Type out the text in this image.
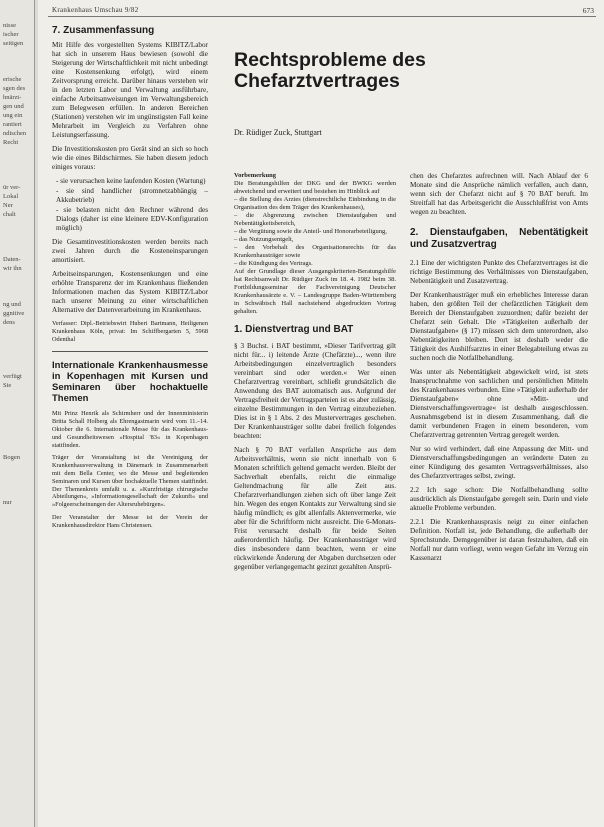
nisse
ischer
seitigen
erische
sgen des
hnärzt-
gen und
ung ein
rantiert
ndischen
Recht
ür ver-
Lokal
Ner
chalt
Daten-
wir ihn
ng und
ggnitive
dens
verfügt
Sie
Bogen
nur
Krankenhaus Umschau 9/82	673
7. Zusammenfassung

Mit Hilfe des vorgestellten Systems KIBITZ/Labor hat sich in unserem Haus bewiesen (sowohl die Steigerung der Wirtschaftlichkeit mit nicht unbedingt eine Kostensenkung erfolgt), wird einem Zeitvorsprung erreicht. Darüber hinaus verstehen wir in den letzten Labor und Verwaltung ausführbare, einfache Arbeitsanweisungen im Verwaltungsbereich zum Belegwesen erfüllen. In anderen Bereichen (Stationen) verstehen wir im ungünstigsten Fall keine Mehrarbeit im Vergleich zu Verfahren ohne Leistungserfassung.

Die Investitionskosten pro Gerät sind an sich so hoch wie die eines Bildschirmes. Sie haben diesem jedoch einiges voraus:

- sie verursachen keine laufenden Kosten (Wartung)
- sie sind handlicher (stromnetzabhängig – Akkubetrieb)
- sie belasten nicht den Rechner während des Dialogs (daher ist eine kleinere EDV-Konfiguration möglich)

Die Gesamtinvestitionskosten werden bereits nach zwei Jahren durch die Kosteneinsparungen amortisiert.

Arbeitseinsparungen, Kostensenkungen und eine erhöhte Transparenz der im Krankenhaus fließenden Informationen machen das System KIBITZ/Labor nach unserer Meinung zu einer wirtschaftlichen Alternative der Datenverarbeitung im Krankenhaus.

Verfasser: Dipl.-Betriebswirt Hubert Bartmann, Heiligenen Krankenhaus Köln, privat: Im Schiffbergarten 5, 5968 Odenthal

Internationale Krankenhausmesse in Kopenhagen mit Kursen und Seminaren über hochaktuelle Themen

Mit Prinz Henrik als Schirmherr und der Innenministerin Britta Schall Holberg als Ehrengastmarin wird vom 11.–14. Oktober die 6. Internationale Messe für das Krankenhaus- und Gesundheitswesen »Hospital '83« in Kopenhagen stattfinden.

Träger der Veranstaltung ist die Vereinigung der Krankenhausverwaltung in Dänemark in Zusammenarbeit mit dem Bella Center, wo die Messe und begleitenden Seminaren und Kursen über hochaktuelle Themen stattfindet. Der Themenkreis umfaßt u. a. »Kurzfristige chirurgische Abteilungen«, »Informationsgesellschaft der Zukunft« und »Folgeerscheinungen der Altersruhebürgen«.

Der Veranstalter der Messe ist der Verein der Krankenhausdirektor Hans Christensen.

Rechtsprobleme des Chefarztvertrages
Dr. Rüdiger Zuck, Stuttgart
Vorbemerkung
Die Beratungshilfen der DKG und der BWKG werden abweichend und erweitert und bestehen im Hinblick auf
– die Stellung des Arztes (dienstrechtliche Einbindung in die Organisation des dem Träger des Krankenhauses),
– die Abgrenzung zwischen Dienstaufgaben und Nebentätigkeitsbereich,
– die Vergütung sowie die Anteil- und Honorarbeteiligung,
– das Nutzungsentgelt,
– den Vorbehalt des Organisationsrechts für das Krankenhausträger sowie
– die Kündigung des Vertrags.
Auf der Grundlage dieser Ausgangskriterien-Beratungshilfe hat Rechtsanwalt Dr. Rüdiger Zuck im 18. 4. 1982 beim 38. Fortbildungsseminar der Fachvereinigung Deutscher Krankenhausärzte e. V. – Landesgruppe Baden-Württemberg in Schwäbisch Hall nachstehend abgedruckten Vortrag gehalten.
1. Dienstvertrag und BAT

§ 3 Buchst. i BAT bestimmt, »Dieser Tarifvertrag gilt nicht für... i) leitende Ärzte (Chefärzte)..., wenn ihre Arbeitsbedingungen einzelvertraglich besonders vereinbart sind oder werden.« Wer einen Chefarztvertrag vereinbart, schließt grundsätzlich die Anwendung des BAT automatisch aus. Aufgrund der Vertragsfreiheit der Vertragsparteien ist es aber zulässig, einzelne Bestimmungen in den Vertrag einzubeziehen. Dies ist in § 1 Abs. 2 des Mustervertrages geschehen. Der Krankenhausträger sollte dabei freilich folgendes beachten:

Nach § 70 BAT verfallen Ansprüche aus dem Arbeitsverhältnis, wenn sie nicht innerhalb von 6 Monaten schriftlich geltend gemacht werden. Bleibt der Sachverhalt ebenfalls, reicht die einmalige Geltendmachung für alle Zeit aus. Chefarztverhandlungen ziehen sich oft über lange Zeit hin. Wegen des engen Kontakts zur Verwaltung sind sie häufig mündlich; es gibt allenfalls Aktenvermerke, wie aber für die Schriftform nicht ausreicht. Die 6-Monats-Frist verursacht deshalb für beide Seiten außerordentlich häufig. Der Krankenhausträger wird dies insbesondere dann beachten, wenn er eine rückwirkende Änderung der Abgaben durchsetzen oder gegenüber verlangegemacht gezinzt gezahlten Ansprü-

chen des Chefarztes aufrechnen will. Nach Ablauf der 6 Monate sind die Ansprüche nämlich verfallen, auch dann, wenn sich der Chefarzt nicht auf § 70 BAT beruft. Im Streitfall hat das Arbeitsgericht die Ausschlußfrist von Amts wegen zu beachten.

2. Dienstaufgaben, Nebentätigkeit und Zusatzvertrag

2.1 Eine der wichtigsten Punkte des Chefarztvertrages ist die richtige Bestimmung des Verhältnisses von Dienstaufgaben, Nebentätigkeit und Zusatzvertrag.

Der Krankenhausträger muß ein erhebliches Interesse daran haben, den größten Teil der chefärztlichen Tätigkeit dem Bereich der Dienstaufgaben zuzuordnen; dafür bezieht der Chefarzt sein Gehalt. Die »Tätigkeiten außerhalb der Dienstaufgaben« (§ 17) müssen sich dem unterordnen, also Nebentätigkeiten bleiben. Dort ist deshalb weder die Tätigkeit des Aushilfsarztes in einer Belegabteilung etwas zu suchen noch die Notfallbehandlung.

Was unter als Nebentätigkeit abgewickelt wird, ist stets Inanspruchnahme von sachlichen und persönlichen Mitteln des Krankenhauses verbunden. Eine »Tätigkeit außerhalb der Dienstaufgaben« ohne »Mitt- und Dienstverschaffungsvertrage« ist deshalb ausgeschlossen. Ausnahmsgebend ist in diesem Zusammenhang, daß die damit verbundenen Fragen in einem besonderen, vom Chefarztvertrag getrennten Vertrag geregelt werden.

Nur so wird verhindert, daß eine Anpassung der Mitt- und Dienstverschaffungsbedingungen an veränderte Daten zu einer Kündigung des gesamten Vertragsverhältnisses, also des Chefarztvertrages selbst, zwingt.

2.2 Ich sage schon: Die Notfallbehandlung sollte ausdrücklich als Dienstaufgabe geregelt sein. Darin und viele aktuelle Probleme verbunden.

2.2.1 Die Krankenhauspraxis neigt zu einer einfachen Definition. Notfall ist, jede Behandlung, die außerhalb der Sprechstunde. Demgegenüber ist daran festzuhalten, daß ein Notfall nur dann vorliegt, wenn wegen Gefahr im Verzug ein Kassenarzt
